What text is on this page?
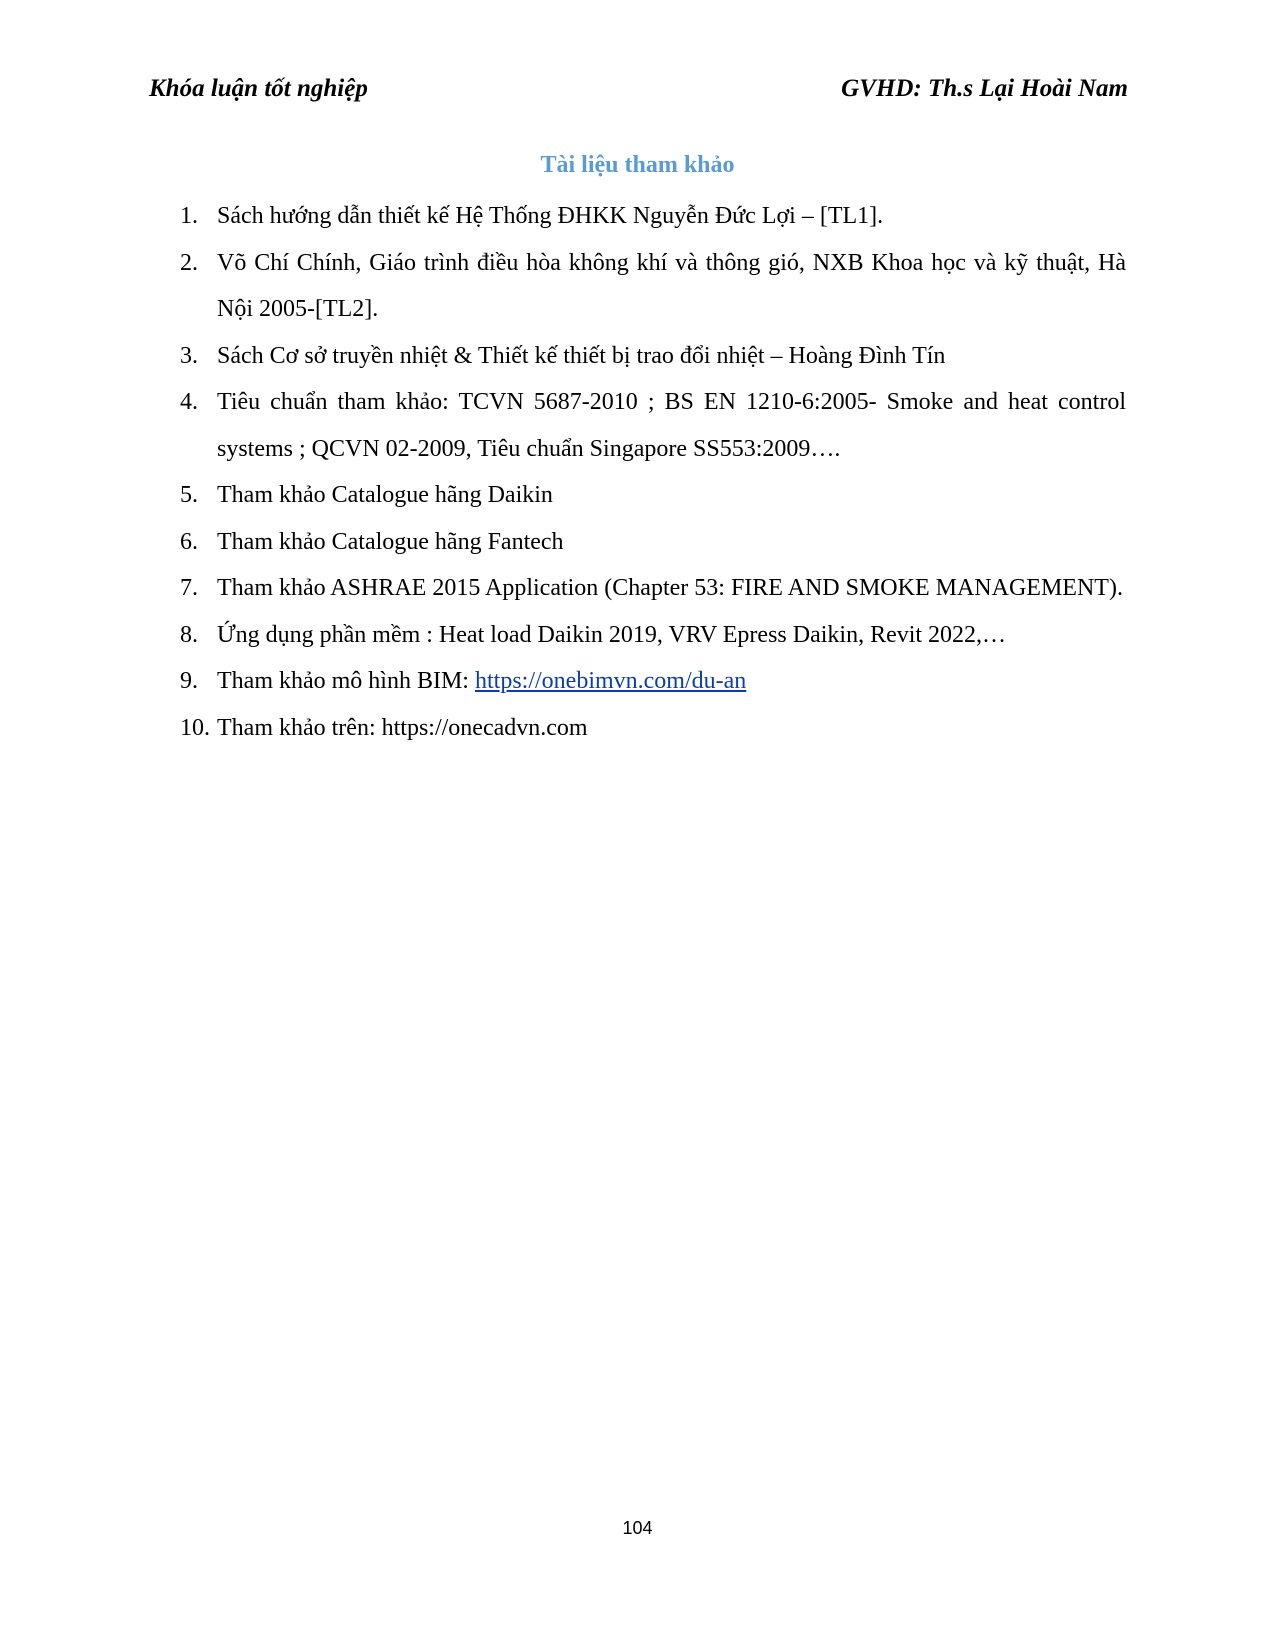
Khóa luận tốt nghiệp	GVHD: Th.s Lại Hoài Nam
Tài liệu tham khảo
1. Sách hướng dẫn thiết kế Hệ Thống ĐHKK Nguyễn Đức Lợi – [TL1].
2. Võ Chí Chính, Giáo trình điều hòa không khí và thông gió, NXB Khoa học và kỹ thuật, Hà Nội 2005-[TL2].
3. Sách Cơ sở truyền nhiệt & Thiết kế thiết bị trao đổi nhiệt – Hoàng Đình Tín
4. Tiêu chuẩn tham khảo: TCVN 5687-2010 ; BS EN 1210-6:2005- Smoke and heat control systems ; QCVN 02-2009, Tiêu chuẩn Singapore SS553:2009….
5. Tham khảo Catalogue hãng Daikin
6. Tham khảo Catalogue hãng Fantech
7. Tham khảo ASHRAE 2015 Application (Chapter 53: FIRE AND SMOKE MANAGEMENT).
8. Ứng dụng phần mềm : Heat load Daikin 2019, VRV Epress Daikin, Revit 2022,…
9. Tham khảo mô hình BIM: https://onebimvn.com/du-an
10. Tham khảo trên: https://onecadvn.com
104
